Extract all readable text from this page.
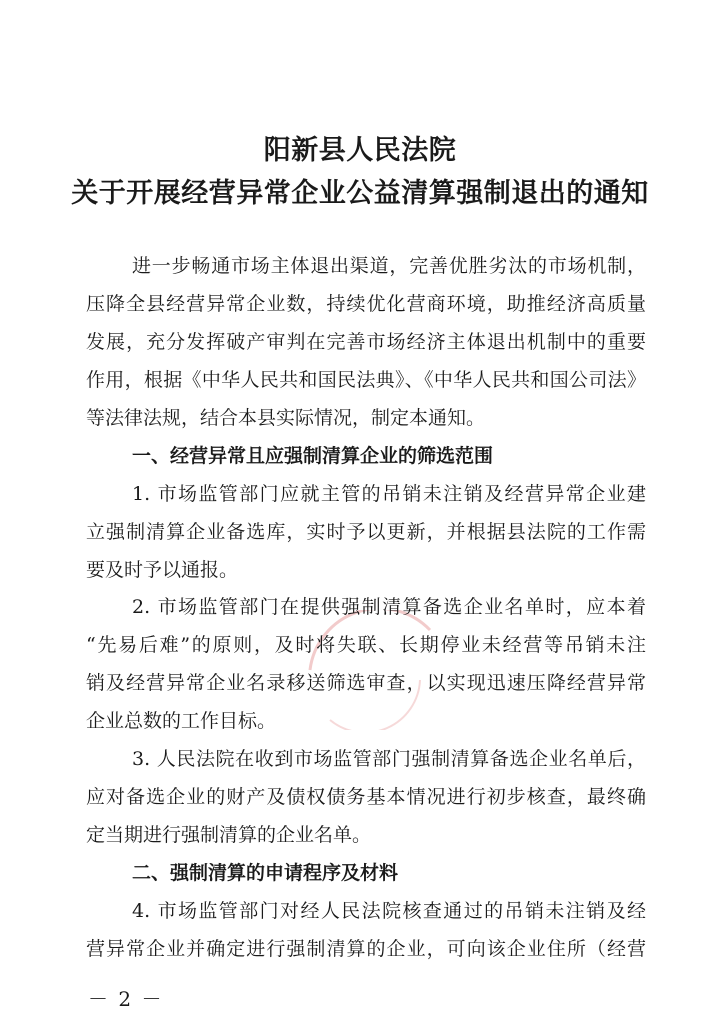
阳新县人民法院
关于开展经营异常企业公益清算强制退出的通知

进一步畅通市场主体退出渠道，完善优胜劣汰的市场机制，

压降全县经营异常企业数，持续优化营商环境，助推经济高质量

发展，充分发挥破产审判在完善市场经济主体退出机制中的重要

作用，根据《中华人民共和国民法典》、《中华人民共和国公司法》

等法律法规，结合本县实际情况，制定本通知。

一、经营异常且应强制清算企业的筛选范围

1. 市场监管部门应就主管的吊销未注销及经营异常企业建

立强制清算企业备选库，实时予以更新，并根据县法院的工作需

要及时予以通报。

2. 市场监管部门在提供强制清算备选企业名单时，应本着

“先易后难”的原则，及时将失联、长期停业未经营等吊销未注

销及经营异常企业名录移送筛选审查，以实现迅速压降经营异常

企业总数的工作目标。

3. 人民法院在收到市场监管部门强制清算备选企业名单后，

应对备选企业的财产及债权债务基本情况进行初步核查，最终确

定当期进行强制清算的企业名单。

二、强制清算的申请程序及材料

4. 市场监管部门对经人民法院核查通过的吊销未注销及经

营异常企业并确定进行强制清算的企业，可向该企业住所（经营

－ 2 －
